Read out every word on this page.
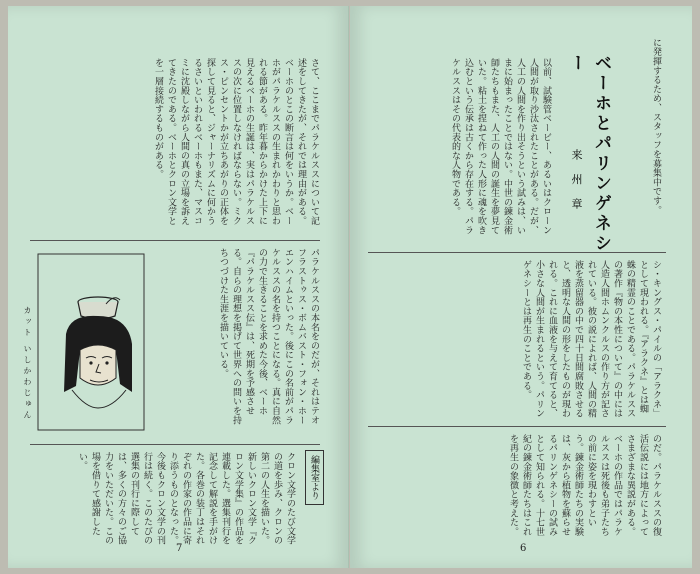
さて、ここまでパラケルススについて記述をしてきたが、それでは理由がある。ベーホのとこの断言は何をいうか。ベーホがパラケルススの生まれかわりと思われる節がある。昨年暮からかけた上下に見えるベーホの生誕は、実はパラケルススの次に位置しなければならない。ミクス・ピンセントかが立ちあがりの正体を探して見ると、ジャーナリズムに何かうるさいといわれるベーホもまた、マスコミに沈殿しながら人間の真の立場を訴えてきたのである。ベーホとクロン文学とを一層接続するものがある。
パラケルススの本名をのだが、それはテオフラストゥス・ボムバスト・フォン・ホーエンハイムといった。後にこの名前がパラケルススの名を持つことになる。真に自然の力で生きることを求めた今後、ベーホ『パラケルスス伝』は、死期を予感させる。自らの理想を掲げて世界への問いを持ちつづけた生涯を描いている。
カット いしかわじゅん
編集室より
クロン文学のたび文学の道を歩み、クロンの第二の人生を描いた。新しいクロン文学『クロン文学集』の作品を連載した。選集刊行を記念して解説を手がけた。各巻の装丁はそれぞれの作家の作品に寄り添うものとなった。今後もクロン文学の刊行は続く。このたびの選集の刊行に際しては、多くの方々のご協力をいただいた。この場を借りて感謝したい。
7
に発揮するため、スタッフを募集中です。
ベーホとパリンゲネシー 来 州 章
以前、試験管ベービー、あるいはクローン人間が取り沙汰されたことがある。だが、人工の人間を作り出そうという試みは、いまに始まったことではない。中世の錬金術師たちもまた、人工の人間の誕生を夢見ていた。粘土を捏ねて作った人形に魂を吹き込むという伝承は古くから存在する。パラケルススはその代表的な人物である。
シ・キングス・パイルの「アラクネ」として現われる。『アラクネ』とは蜘蛛の精霊のことである。パラケルススの著作『物の本性について』の中には人造人間ホムンクルスの作り方が記されている。彼の説によれば、人間の精液を蒸留器の中で四十日間腐敗させると、透明な人間の形をしたものが現われる。これに血液を与えて育てると、小さな人間が生まれるという。パリンゲネシーとは再生のことである。
のだ。パラケルススの復活伝説には地方によってさまざまな異説がある。ベーホの作品ではパラケルススは死後も弟子たちの前に姿を現わすという。錬金術師たちの実験は、灰から植物を蘇らせるパリンゲネシーの試みとして知られる。十七世紀の錬金術師たちはこれを再生の象徴と考えた。
6
